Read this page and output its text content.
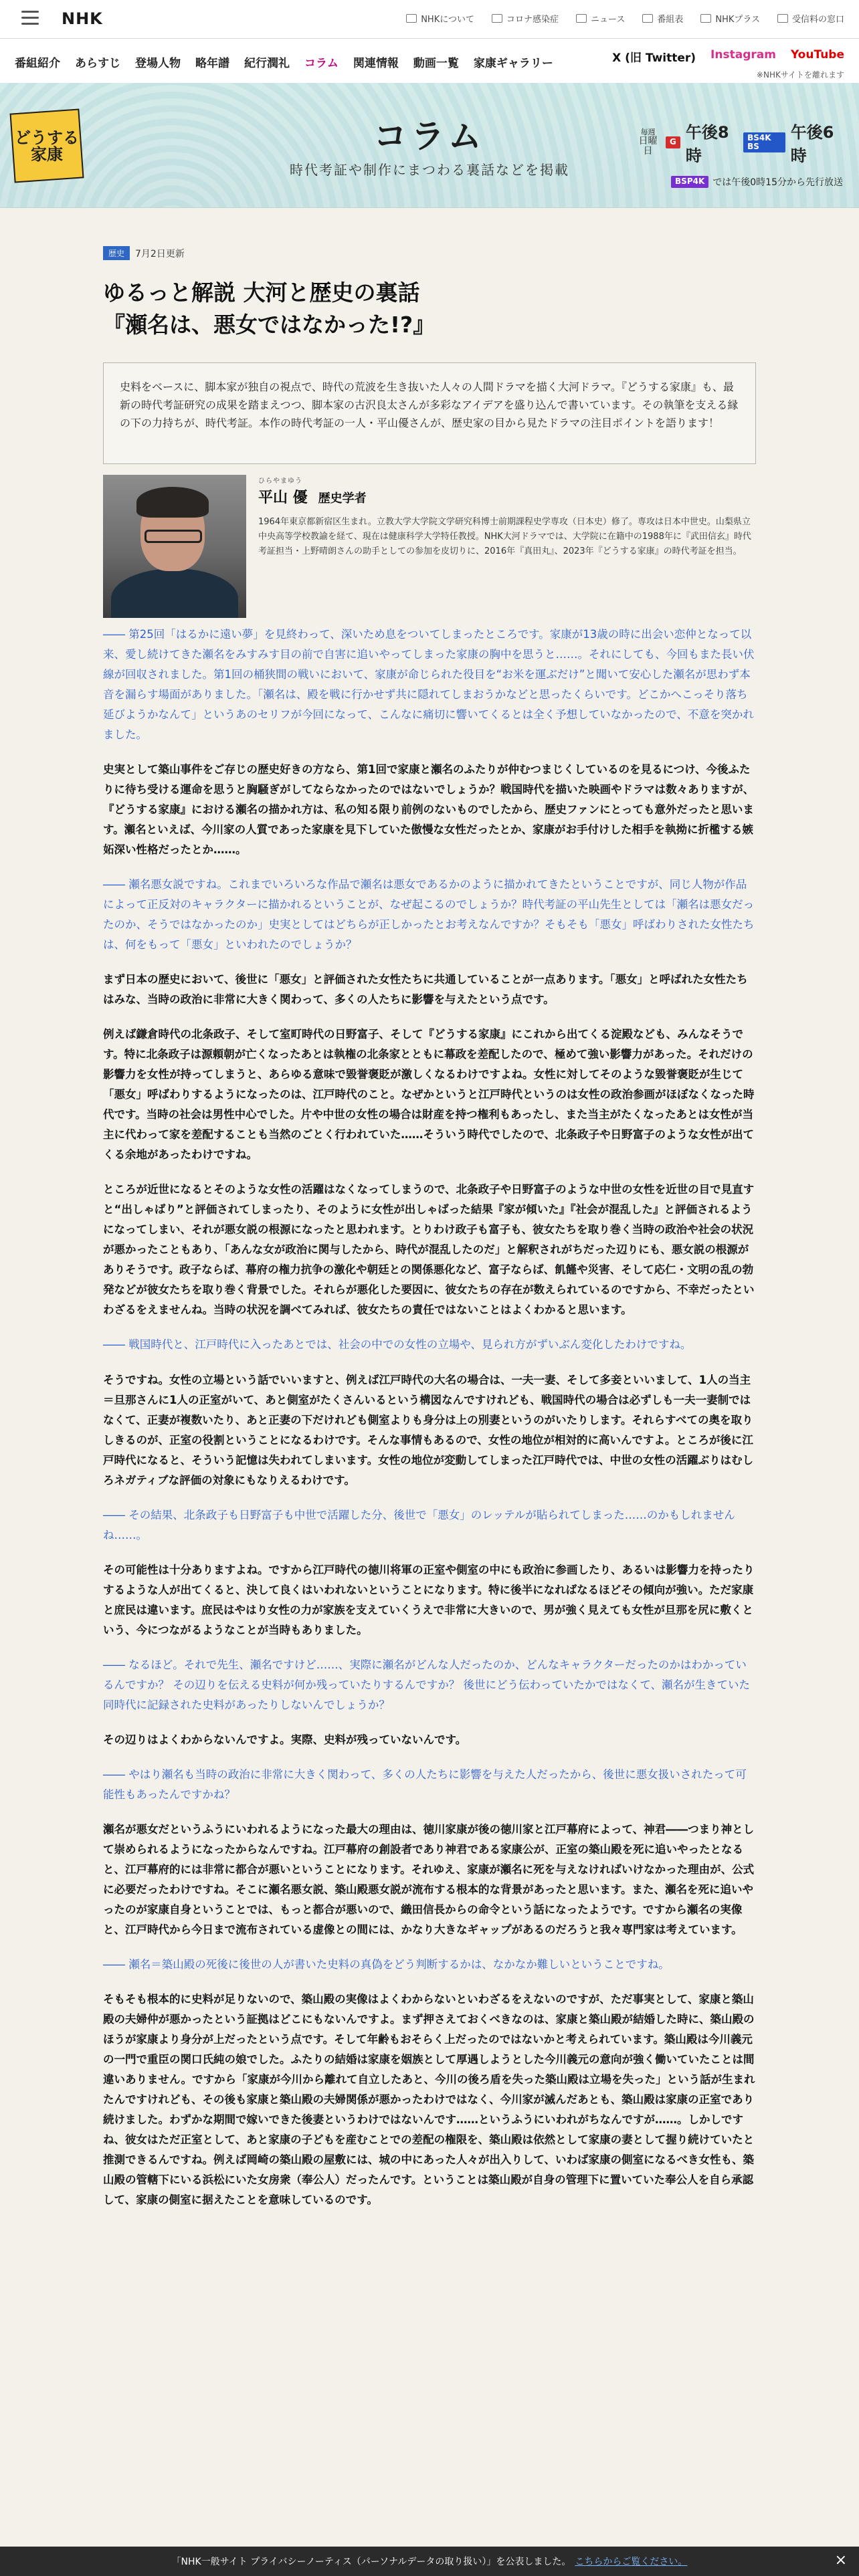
NHK	NHKについて	コロナ感染症	ニュース	番組表	NHKプラス	受信料の窓口
番組紹介 あらすじ 登場人物 略年譜 紀行潤礼 コラム 関連情報 動画一覧 家康ギャラリー	X (旧 Twitter) Instagram YouTube
※NHKサイトを離れます
どうする 家康	コラム
時代考証や制作にまつわる裏話などを掲載
毎週
日曜日
G
午後8時
BS4K BS
午後6時
BSP4K では午後0時15分から先行放送
歴史	7月2日更新
ゆるっと解説 大河と歴史の裏話
『瀬名は、悪女ではなかった!?』
史料をベースに、脚本家が独自の視点で、時代の荒波を生き抜いた人々の人間ドラマを描く大河ドラマ。『どうする家康』も、最新の時代考証研究の成果を踏まえつつ、脚本家の古沢良太さんが多彩なアイデアを盛り込んで書いています。その執筆を支える縁の下の力持ちが、時代考証。本作の時代考証の一人・平山優さんが、歴史家の目から見たドラマの注目ポイントを語ります！
ひらやまゆう
平山 優 歴史学者
1964年東京都新宿区生まれ。立教大学大学院文学研究科博士前期課程史学専攻（日本史）修了。専攻は日本中世史。山梨県立中央高等学校教諭を経て、現在は健康科学大学特任教授。NHK大河ドラマでは、大学院に在籍中の1988年に『武田信玄』時代考証担当・上野晴朗さんの助手としての参加を皮切りに、2016年『真田丸』、2023年『どうする家康』の時代考証を担当。

―― 第25回「はるかに遠い夢」を見終わって、深いため息をついてしまったところです。家康が13歳の時に出会い恋仲となって以来、愛し続けてきた瀬名をみすみす目の前で自害に追いやってしまった家康の胸中を思うと……。それにしても、今回もまた長い伏線が回収されました。第1回の桶狭間の戦いにおいて、家康が命じられた役目を“お米を運ぶだけ”と聞いて安心した瀬名が思わず本音を漏らす場面がありました。「瀬名は、殿を戦に行かせず共に隠れてしまおうかなどと思ったくらいです。どこかへこっそり落ち延びようかなんて」というあのセリフが今回になって、こんなに痛切に響いてくるとは全く予想していなかったので、不意を突かれました。

史実として築山事件をご存じの歴史好きの方なら、第1回で家康と瀬名のふたりが仲むつまじくしているのを見るにつけ、今後ふたりに待ち受ける運命を思うと胸騒ぎがしてならなかったのではないでしょうか？戦国時代を描いた映画やドラマは数々ありますが、『どうする家康』における瀬名の描かれ方は、私の知る限り前例のないものでしたから、歴史ファンにとっても意外だったと思います。瀬名といえば、今川家の人質であった家康を見下していた傲慢な女性だったとか、家康がお手付けした相手を執拗に折檻する嫉妬深い性格だったとか……。

―― 瀬名悪女説ですね。これまでいろいろな作品で瀬名は悪女であるかのように描かれてきたということですが、同じ人物が作品によって正反対のキャラクターに描かれるということが、なぜ起こるのでしょうか？時代考証の平山先生としては「瀬名は悪女だったのか、そうではなかったのか」史実としてはどちらが正しかったとお考えなんですか？そもそも「悪女」呼ばわりされた女性たちは、何をもって「悪女」といわれたのでしょうか？

まず日本の歴史において、後世に「悪女」と評価された女性たちに共通していることが一点あります。「悪女」と呼ばれた女性たちはみな、当時の政治に非常に大きく関わって、多くの人たちに影響を与えたという点です。

例えば鎌倉時代の北条政子、そして室町時代の日野富子、そして『どうする家康』にこれから出てくる淀殿なども、みんなそうです。特に北条政子は源頼朝が亡くなったあとは執権の北条家とともに幕政を差配したので、極めて強い影響力があった。それだけの影響力を女性が持ってしまうと、あらゆる意味で毀誉褒貶が激しくなるわけですよね。女性に対してそのような毀誉褒貶が生じて「悪女」呼ばわりするようになったのは、江戸時代のこと。なぜかというと江戸時代というのは女性の政治参画がほぼなくなった時代です。当時の社会は男性中心でした。片や中世の女性の場合は財産を持つ権利もあったし、また当主がたくなったあとは女性が当主に代わって家を差配することも当然のごとく行われていた……そういう時代でしたので、北条政子や日野富子のような女性が出てくる余地があったわけですね。

ところが近世になるとそのような女性の活躍はなくなってしまうので、北条政子や日野富子のような中世の女性を近世の目で見直すと“出しゃばり”と評価されてしまったり、そのように女性が出しゃばった結果『家が傾いた』『社会が混乱した』と評価されるようになってしまい、それが悪女説の根源になったと思われます。とりわけ政子も富子も、彼女たちを取り巻く当時の政治や社会の状況が悪かったこともあり、「あんな女が政治に関与したから、時代が混乱したのだ」と解釈されがちだった辺りにも、悪女説の根源がありそうです。政子ならば、幕府の権力抗争の激化や朝廷との関係悪化など、富子ならば、飢饉や災害、そして応仁・文明の乱の勃発などが彼女たちを取り巻く背景でした。それらが悪化した要因に、彼女たちの存在が数えられているのですから、不幸だったといわざるをえませんね。当時の状況を調べてみれば、彼女たちの責任ではないことはよくわかると思います。

―― 戦国時代と、江戸時代に入ったあとでは、社会の中での女性の立場や、見られ方がずいぶん変化したわけですね。

そうですね。女性の立場という話でいいますと、例えば江戸時代の大名の場合は、一夫一妻、そして多妾といいまして、1人の当主＝旦那さんに1人の正室がいて、あと側室がたくさんいるという構図なんですけれども、戦国時代の場合は必ずしも一夫一妻制ではなくて、正妻が複数いたり、あと正妻の下だけれども側室よりも身分は上の別妻というのがいたりします。それらすべての奥を取りしきるのが、正室の役割ということになるわけです。そんな事情もあるので、女性の地位が相対的に高いんですよ。ところが後に江戸時代になると、そういう記憶は失われてしまいます。女性の地位が変動してしまった江戸時代では、中世の女性の活躍ぶりはむしろネガティブな評価の対象にもなりえるわけです。

―― その結果、北条政子も日野富子も中世で活躍した分、後世で「悪女」のレッテルが貼られてしまった……のかもしれませんね……。

その可能性は十分ありますよね。ですから江戸時代の徳川将軍の正室や側室の中にも政治に参画したり、あるいは影響力を持ったりするような人が出てくると、決して良くはいわれないということになります。特に後半になればなるほどその傾向が強い。ただ家康と庶民は違います。庶民はやはり女性の力が家族を支えていくうえで非常に大きいので、男が強く見えても女性が旦那を尻に敷くという、今につながるようなことが当時もありました。

―― なるほど。それで先生、瀬名ですけど……、実際に瀬名がどんな人だったのか、どんなキャラクターだったのかはわかっているんですか？ その辺りを伝える史料が何か残っていたりするんですか？ 後世にどう伝わっていたかではなくて、瀬名が生きていた同時代に記録された史料があったりしないんでしょうか？

その辺りはよくわからないんですよ。実際、史料が残っていないんです。

―― やはり瀬名も当時の政治に非常に大きく関わって、多くの人たちに影響を与えた人だったから、後世に悪女扱いされたって可能性もあったんですかね？

瀬名が悪女だというふうにいわれるようになった最大の理由は、徳川家康が後の徳川家と江戸幕府によって、神君――つまり神として崇められるようになったからなんですね。江戸幕府の創設者であり神君である家康公が、正室の築山殿を死に追いやったとなると、江戸幕府的には非常に都合が悪いということになります。それゆえ、家康が瀬名に死を与えなければいけなかった理由が、公式に必要だったわけですね。そこに瀬名悪女説、築山殿悪女説が流布する根本的な背景があったと思います。また、瀬名を死に追いやったのが家康自身ということでは、もっと都合が悪いので、織田信長からの命令という話になったようです。ですから瀬名の実像と、江戸時代から今日まで流布されている虚像との間には、かなり大きなギャップがあるのだろうと我々専門家は考えています。

―― 瀬名＝築山殿の死後に後世の人が書いた史料の真偽をどう判断するかは、なかなか難しいということですね。

そもそも根本的に史料が足りないので、築山殿の実像はよくわからないといわざるをえないのですが、ただ事実として、家康と築山殿の夫婦仲が悪かったという証拠はどこにもないんですよ。まず押さえておくべきなのは、家康と築山殿が結婚した時に、築山殿のほうが家康より身分が上だったという点です。そして年齢もおそらく上だったのではないかと考えられています。築山殿は今川義元の一門で重臣の関口氏純の娘でした。ふたりの結婚は家康を姻族として厚遇しようとした今川義元の意向が強く働いていたことは間違いありません。ですから「家康が今川から離れて自立したあと、今川の後ろ盾を失った築山殿は立場を失った」という話が生まれたんですけれども、その後も家康と築山殿の夫婦関係が悪かったわけではなく、今川家が滅んだあとも、築山殿は家康の正室であり続けました。わずかな期間で嫁いできた後妻というわけではないんです……というふうにいわれがちなんですが……。しかしですね、彼女はただ正室として、あと家康の子どもを産むことでの差配の権限を、築山殿は依然として家康の妻として握り続けていたと推測できるんですね。例えば岡崎の築山殿の屋敷には、城の中にあった人々が出入りして、いわば家康の側室になるべき女性も、築山殿の管轄下にいる浜松にいた女房衆（奉公人）だったんです。ということは築山殿が自身の管理下に置いていた奉公人を自ら承認して、家康の側室に据えたことを意味しているのです。

「NHK一般サイト プライバシーノーティス（パーソナルデータの取り扱い）」を公表しました。 こちらからご覧ください。	×
